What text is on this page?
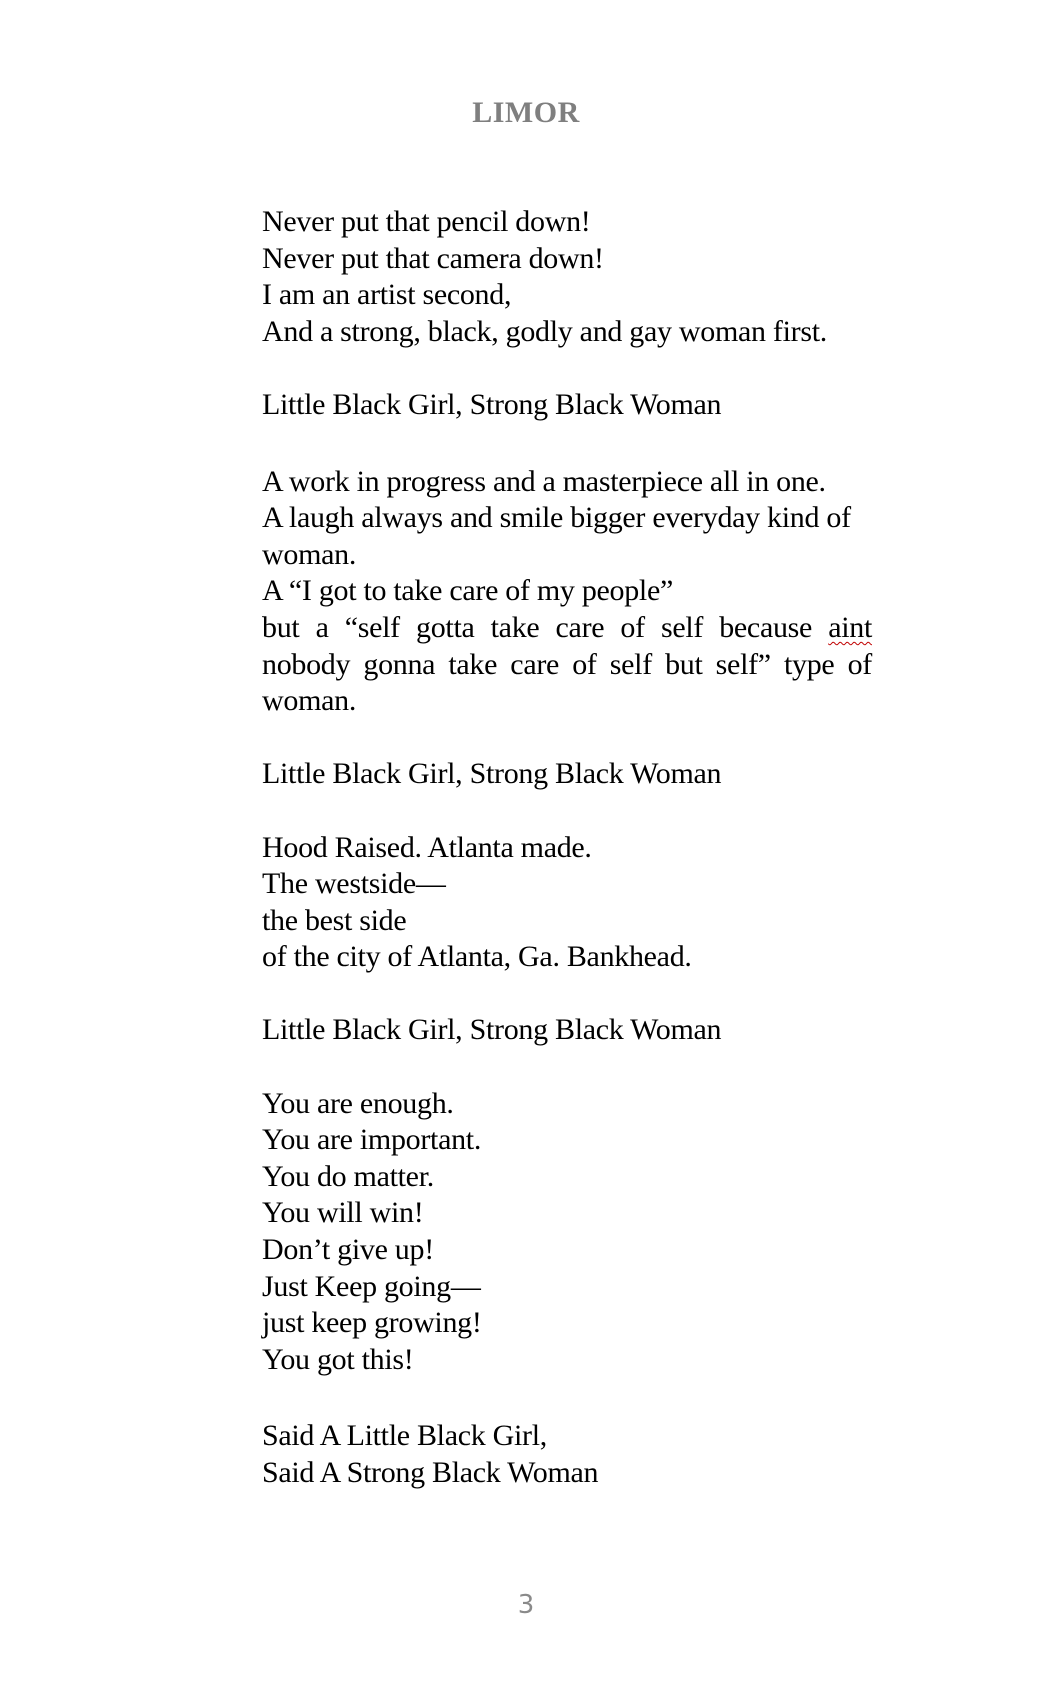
LIMOR
Never put that pencil down!
Never put that camera down!
I am an artist second,
And a strong, black, godly and gay woman first.
Little Black Girl, Strong Black Woman
A work in progress and a masterpiece all in one.
A laugh always and smile bigger everyday kind of woman.
A “I got to take care of my people”
but a “self gotta take care of self because aint nobody gonna take care of self but self” type of woman.
Little Black Girl, Strong Black Woman
Hood Raised. Atlanta made.
The westside—
the best side
of the city of Atlanta, Ga. Bankhead.
Little Black Girl, Strong Black Woman
You are enough.
You are important.
You do matter.
You will win!
Don’t give up!
Just Keep going—
just keep growing!
You got this!
Said A Little Black Girl,
Said A Strong Black Woman
3
